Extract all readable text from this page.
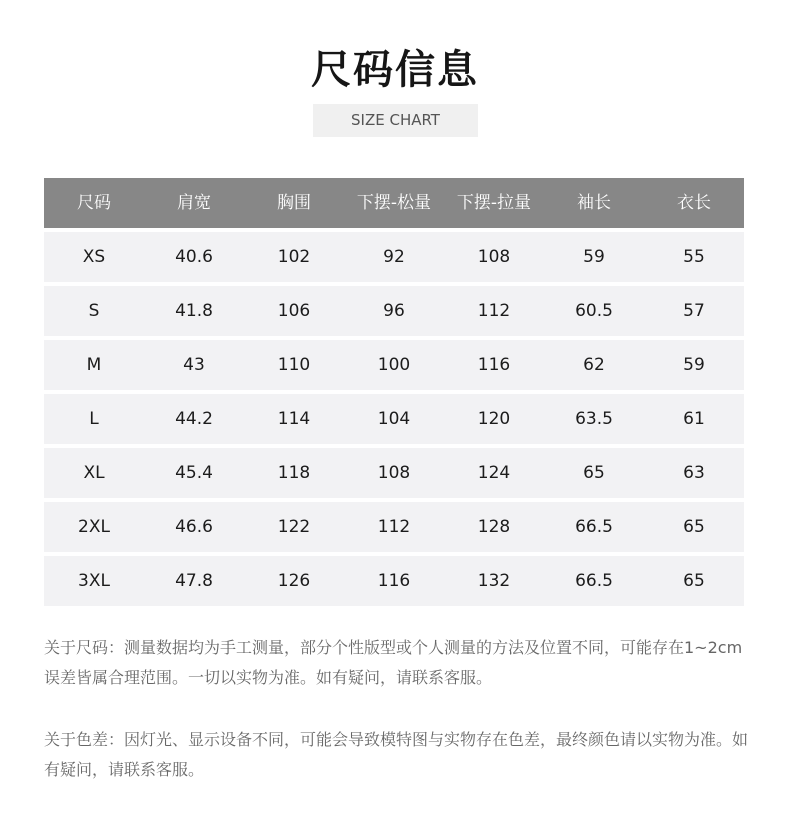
尺码信息
SIZE CHART
尺码	肩宽	胸围	下摆-松量	下摆-拉量	袖长	衣长
XS	40.6	102	92	108	59	55
S	41.8	106	96	112	60.5	57
M	43	110	100	116	62	59
L	44.2	114	104	120	63.5	61
XL	45.4	118	108	124	65	63
2XL	46.6	122	112	128	66.5	65
3XL	47.8	126	116	132	66.5	65
关于尺码：测量数据均为手工测量，部分个性版型或个人测量的方法及位置不同，可能存在1~2cm误差皆属合理范围。一切以实物为准。如有疑问，请联系客服。
关于色差：因灯光、显示设备不同，可能会导致模特图与实物存在色差，最终颜色请以实物为准。如有疑问，请联系客服。
